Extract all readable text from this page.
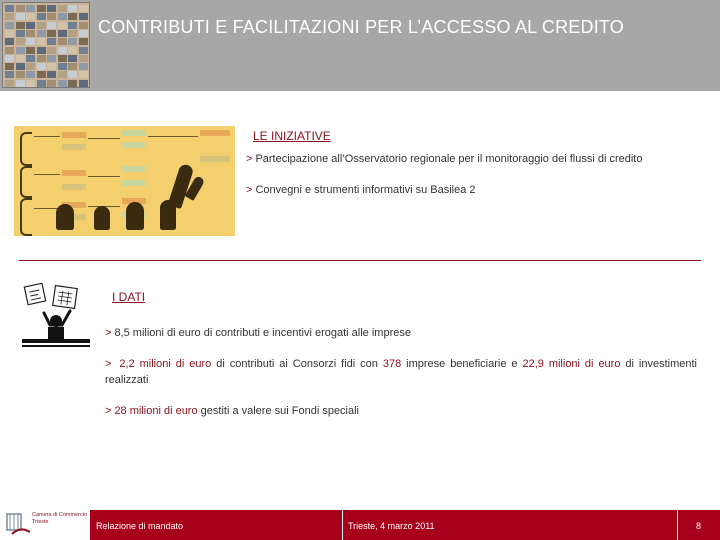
CONTRIBUTI E FACILITAZIONI PER L’ACCESSO AL CREDITO
LE INIZIATIVE
> Partecipazione all’Osservatorio regionale per il monitoraggio dei flussi di credito
> Convegni e strumenti informativi su Basilea 2
I DATI
> 8,5 milioni di euro di contributi e incentivi erogati alle imprese
> 2,2 milioni di euro di contributi ai Consorzi fidi con 378 imprese beneficiarie e 22,9 milioni di euro di investimenti realizzati
> 28 milioni di euro gestiti a valere sui Fondi speciali
Camera di Commercio
Trieste	Relazione di mandato	Trieste, 4 marzo 2011	8
